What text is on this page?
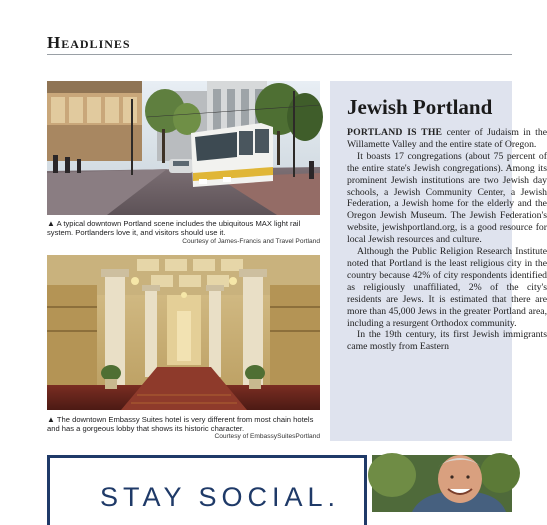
Headlines
▲ A typical downtown Portland scene includes the ubiquitous MAX light rail system. Portlanders love it, and visitors should use it.
Courtesy of James-Francis and Travel Portland
▲ The downtown Embassy Suites hotel is very different from most chain hotels and has a gorgeous lobby that shows its historic character.
Courtesy of EmbassySuitesPortland
Jewish Portland

PORTLAND IS THE center of Judaism in the Willamette Valley and the entire state of Oregon.

It boasts 17 congregations (about 75 percent of the entire state's Jewish congregations). Among its prominent Jewish institutions are two Jewish day schools, a Jewish Community Center, a Jewish Federation, a Jewish home for the elderly and the Oregon Jewish Museum. The Jewish Federation's website, jewishportland.org, is a good resource for local Jewish resources and culture.

Although the Public Religion Research Institute noted that Portland is the least religious city in the country because 42% of city respondents identified as religiously unaffiliated, 2% of the city's residents are Jews. It is estimated that there are more than 45,000 Jews in the greater Portland area, including a resurgent Orthodox community.

In the 19th century, its first Jewish immigrants came mostly from Eastern

STAY SOCIAL.
